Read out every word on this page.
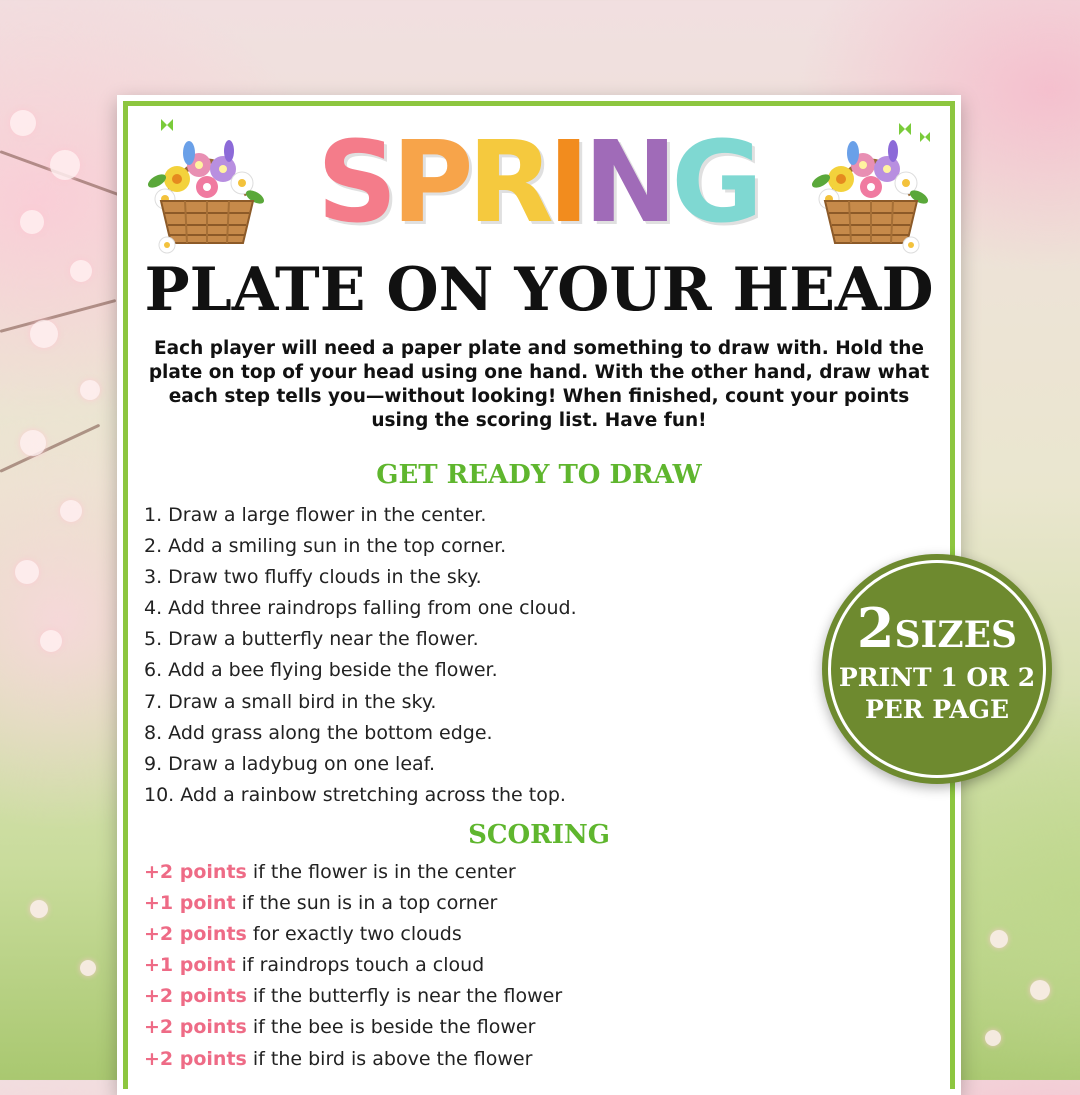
SPRING
PLATE ON YOUR HEAD
Each player will need a paper plate and something to draw with. Hold the plate on top of your head using one hand. With the other hand, draw what each step tells you—without looking! When finished, count your points using the scoring list. Have fun!
GET READY TO DRAW
1. Draw a large flower in the center.
2. Add a smiling sun in the top corner.
3. Draw two fluffy clouds in the sky.
4. Add three raindrops falling from one cloud.
5. Draw a butterfly near the flower.
6. Add a bee flying beside the flower.
7. Draw a small bird in the sky.
8. Add grass along the bottom edge.
9. Draw a ladybug on one leaf.
10. Add a rainbow stretching across the top.
SCORING
+2 points if the flower is in the center
+1 point if the sun is in a top corner
+2 points for exactly two clouds
+1 point if raindrops touch a cloud
+2 points if the butterfly is near the flower
+2 points if the bee is beside the flower
+2 points if the bird is above the flower
2SIZES
PRINT 1 OR 2
PER PAGE
